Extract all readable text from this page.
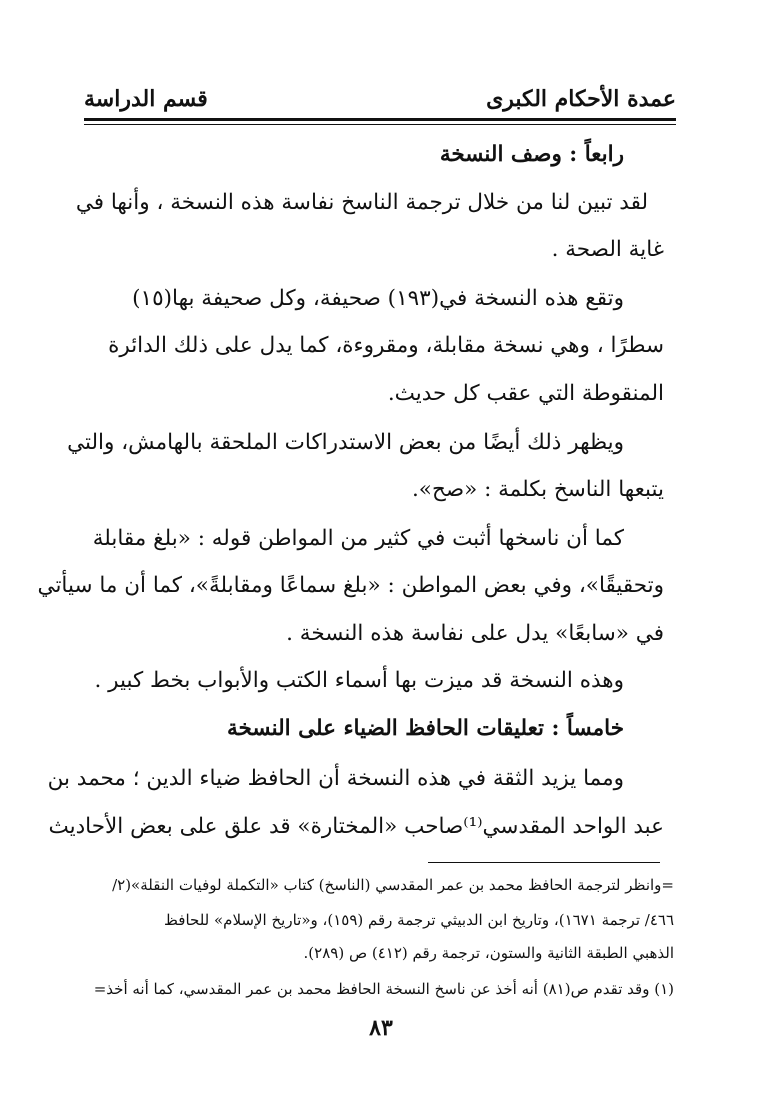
عمدة الأحكام الكبرى
قسم الدراسة
رابعاً : وصف النسخة
لقد تبين لنا من خلال ترجمة الناسخ نفاسة هذه النسخة ، وأنها في
غاية الصحة .
وتقع هذه النسخة في(١٩٣) صحيفة، وكل صحيفة بها(١٥)
سطرًا ، وهي نسخة مقابلة، ومقروءة، كما يدل على ذلك الدائرة
المنقوطة التي عقب كل حديث.
ويظهر ذلك أيضًا من بعض الاستدراكات الملحقة بالهامش، والتي
يتبعها الناسخ بكلمة : «صح».
كما أن ناسخها أثبت في كثير من المواطن قوله : «بلغ مقابلة
وتحقيقًا»، وفي بعض المواطن : «بلغ سماعًا ومقابلةً»، كما أن ما سيأتي
في «سابعًا» يدل على نفاسة هذه النسخة .
وهذه النسخة قد ميزت بها أسماء الكتب والأبواب بخط كبير .
خامساً : تعليقات الحافظ الضياء على النسخة
ومما يزيد الثقة في هذه النسخة أن الحافظ ضياء الدين ؛ محمد بن
عبد الواحد المقدسي⁽¹⁾صاحب «المختارة» قد علق على بعض الأحاديث
=وانظر لترجمة الحافظ محمد بن عمر المقدسي (الناسخ) كتاب «التكملة لوفيات النقلة»(٢/
٤٦٦/ ترجمة ١٦٧١)، وتاريخ ابن الدبيثي ترجمة رقم (١٥٩)، و«تاريخ الإسلام» للحافظ
الذهبي الطبقة الثانية والستون، ترجمة رقم (٤١٢) ص (٢٨٩).
(١) وقد تقدم ص(٨١) أنه أخذ عن ناسخ النسخة الحافظ محمد بن عمر المقدسي، كما أنه أخذ=
٨٣
